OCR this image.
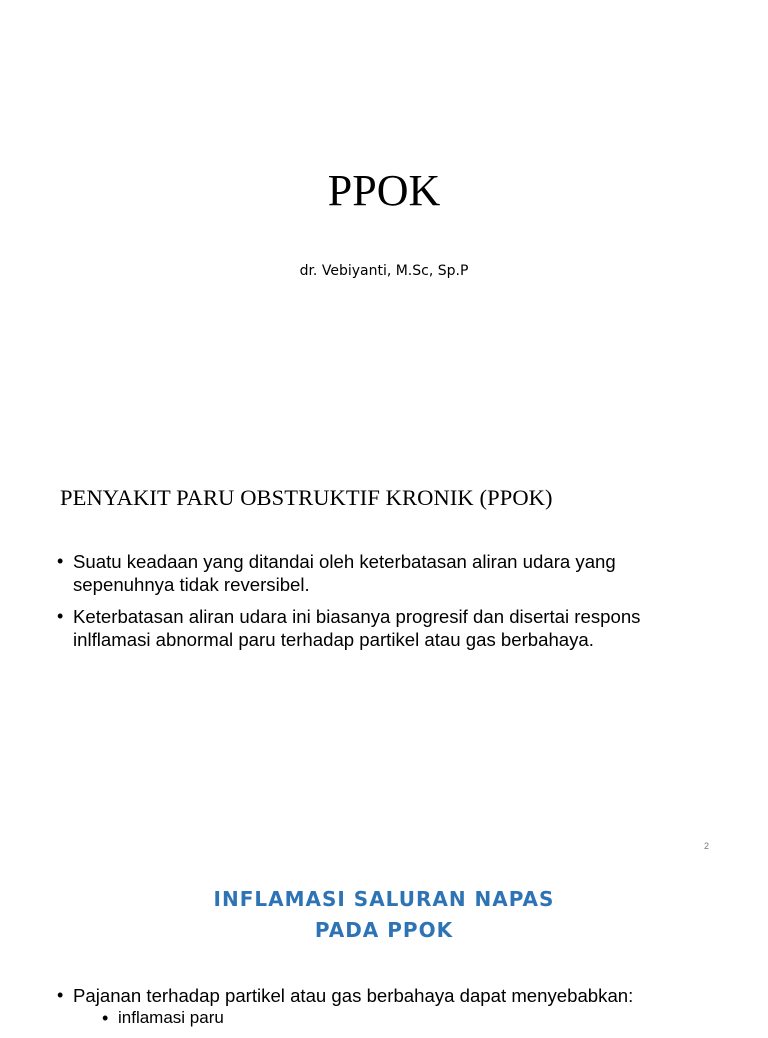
PPOK
dr. Vebiyanti, M.Sc, Sp.P
PENYAKIT PARU OBSTRUKTIF KRONIK (PPOK)
• Suatu keadaan yang ditandai oleh keterbatasan aliran udara yang sepenuhnya tidak reversibel.
• Keterbatasan aliran udara ini biasanya progresif dan disertai respons inlflamasi abnormal paru terhadap partikel atau gas berbahaya.
2
INFLAMASI SALURAN NAPAS
PADA PPOK
• Pajanan terhadap partikel atau gas berbahaya dapat menyebabkan:
• inflamasi paru
